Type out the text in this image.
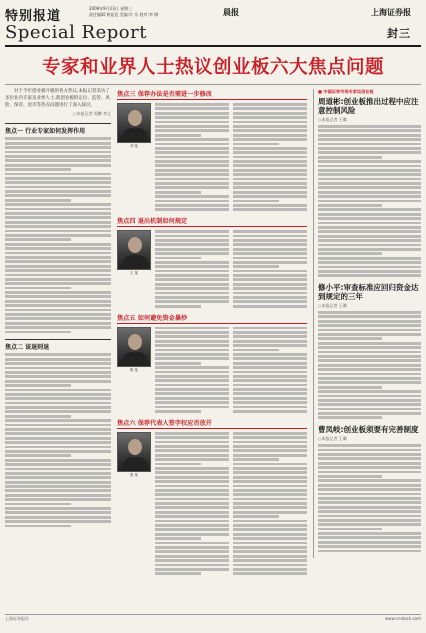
特别报道
Special Report
2009年9月23日 星期三
责任编辑:黄显达 美编:许 乐 校对:李 钢	晨报	上海证券报
封三
专家和业界人士热议创业板六大焦点问题

对于今年创业板开板的各方热议,本报记者采访了多位业内专家及业界人士,就创业板的定位、监管、风险、保荐、退市等热点问题进行了深入探讨。

○本报记者 周鹏 李义
焦点一 行业专家如何发挥作用
焦点二 该退则退
焦点三 保荐办法是否需进一步修改
刘 某
焦点四 退出机制如何规定
王 某
焦点五 如何避免资金暴炒
陈 某
焦点六 保荐代表人签字权应否放开
张 某
■ 中国证券市场专家谈创业板
周道彬:创业板推出过程中应注意控制风险
○本报记者 王璐
修小平:审查标准应回归资金达到规定的三年
○本报记者 王璐
曹凤岐:创业板须要有完善制度
○本报记者 王璐
上海证券报社	www.cnstock.com
